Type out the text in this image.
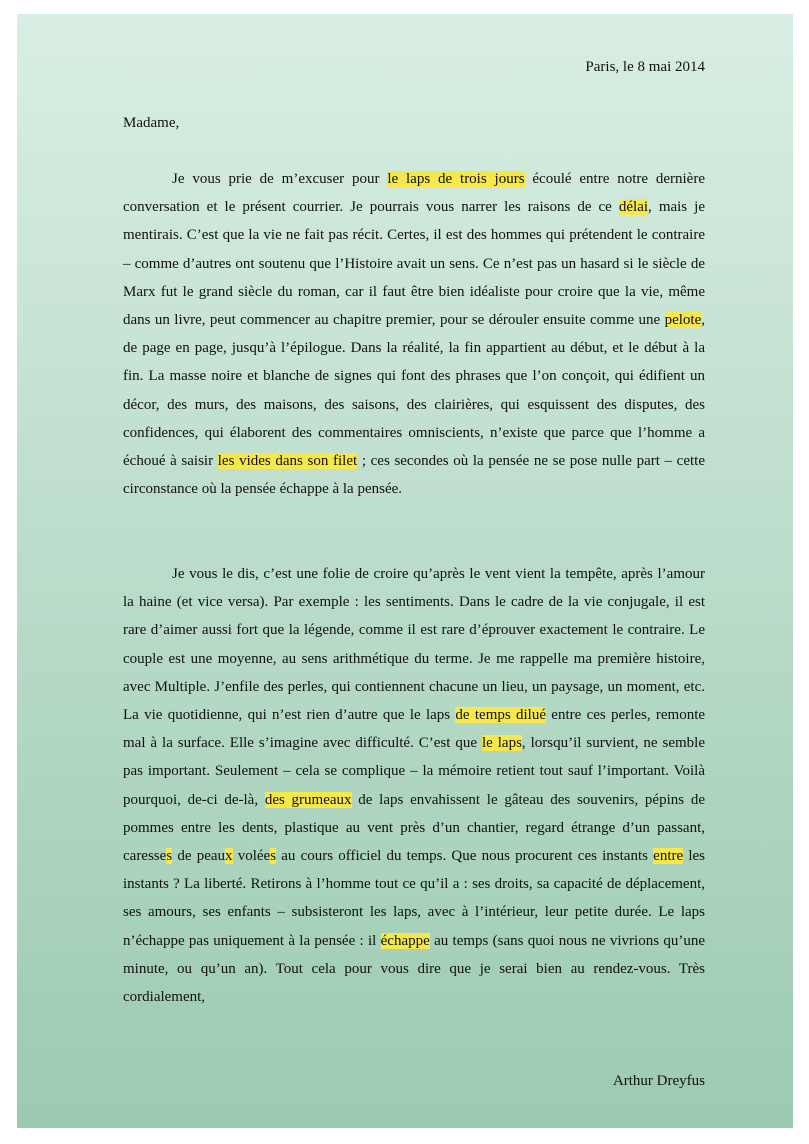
Paris, le 8 mai 2014
Madame,

Je vous prie de m’excuser pour le laps de trois jours écoulé entre notre dernière conversation et le présent courrier. Je pourrais vous narrer les raisons de ce délai, mais je mentirais. C’est que la vie ne fait pas récit. Certes, il est des hommes qui prétendent le contraire – comme d’autres ont soutenu que l’Histoire avait un sens. Ce n’est pas un hasard si le siècle de Marx fut le grand siècle du roman, car il faut être bien idéaliste pour croire que la vie, même dans un livre, peut commencer au chapitre premier, pour se dérouler ensuite comme une pelote, de page en page, jusqu’à l’épilogue. Dans la réalité, la fin appartient au début, et le début à la fin. La masse noire et blanche de signes qui font des phrases que l’on conçoit, qui édifient un décor, des murs, des maisons, des saisons, des clairières, qui esquissent des disputes, des confidences, qui élaborent des commentaires omniscients, n’existe que parce que l’homme a échoué à saisir les vides dans son filet ; ces secondes où la pensée ne se pose nulle part – cette circonstance où la pensée échappe à la pensée.

Je vous le dis, c’est une folie de croire qu’après le vent vient la tempête, après l’amour la haine (et vice versa). Par exemple : les sentiments. Dans le cadre de la vie conjugale, il est rare d’aimer aussi fort que la légende, comme il est rare d’éprouver exactement le contraire. Le couple est une moyenne, au sens arithmétique du terme. Je me rappelle ma première histoire, avec Multiple. J’enfile des perles, qui contiennent chacune un lieu, un paysage, un moment, etc. La vie quotidienne, qui n’est rien d’autre que le laps de temps dilué entre ces perles, remonte mal à la surface. Elle s’imagine avec difficulté. C’est que le laps, lorsqu’il survient, ne semble pas important. Seulement – cela se complique – la mémoire retient tout sauf l’important. Voilà pourquoi, de-ci de-là, des grumeaux de laps envahissent le gâteau des souvenirs, pépins de pommes entre les dents, plastique au vent près d’un chantier, regard étrange d’un passant, caresses de peaux volées au cours officiel du temps. Que nous procurent ces instants entre les instants ? La liberté. Retirons à l’homme tout ce qu’il a : ses droits, sa capacité de déplacement, ses amours, ses enfants – subsisteront les laps, avec à l’intérieur, leur petite durée. Le laps n’échappe pas uniquement à la pensée : il échappe au temps (sans quoi nous ne vivrions qu’une minute, ou qu’un an). Tout cela pour vous dire que je serai bien au rendez-vous. Très cordialement,

Arthur Dreyfus
